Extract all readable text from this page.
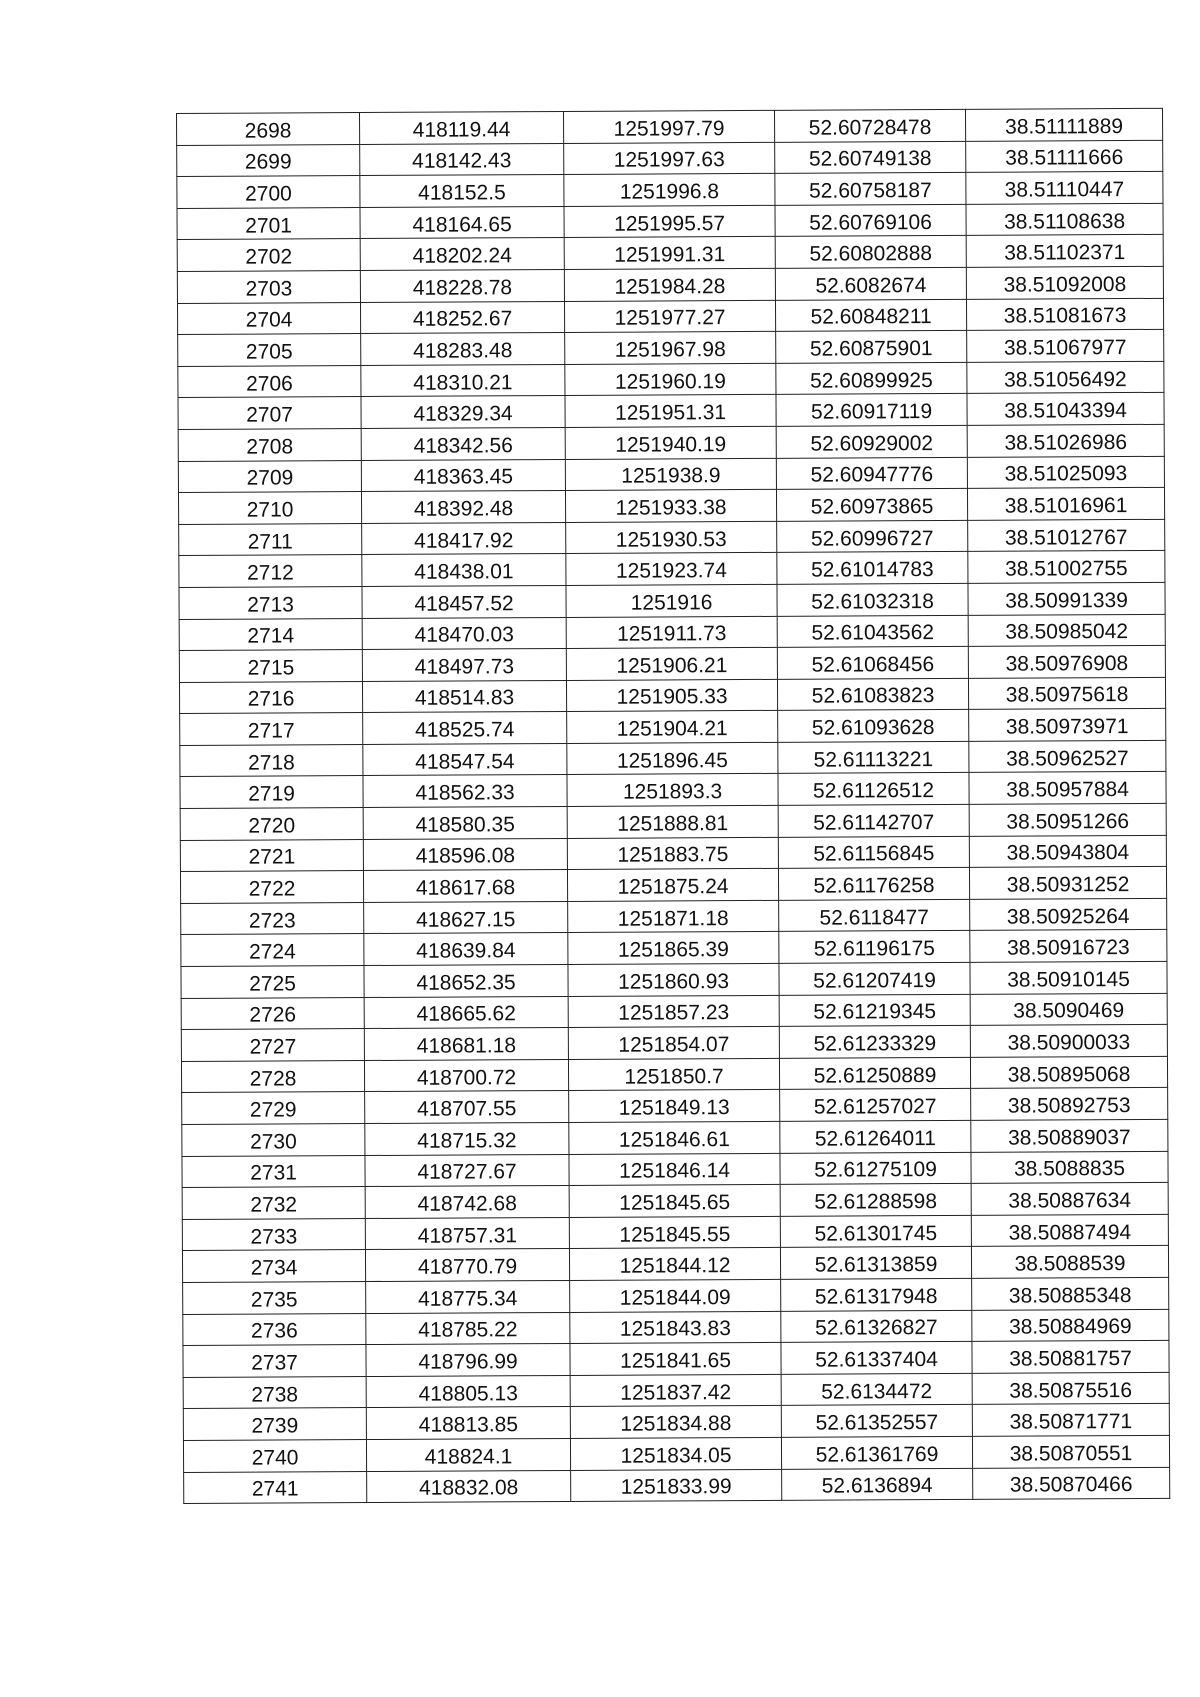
2698	418119.44	1251997.79	52.60728478	38.51111889
2699	418142.43	1251997.63	52.60749138	38.51111666
2700	418152.5	1251996.8	52.60758187	38.51110447
2701	418164.65	1251995.57	52.60769106	38.51108638
2702	418202.24	1251991.31	52.60802888	38.51102371
2703	418228.78	1251984.28	52.6082674	38.51092008
2704	418252.67	1251977.27	52.60848211	38.51081673
2705	418283.48	1251967.98	52.60875901	38.51067977
2706	418310.21	1251960.19	52.60899925	38.51056492
2707	418329.34	1251951.31	52.60917119	38.51043394
2708	418342.56	1251940.19	52.60929002	38.51026986
2709	418363.45	1251938.9	52.60947776	38.51025093
2710	418392.48	1251933.38	52.60973865	38.51016961
2711	418417.92	1251930.53	52.60996727	38.51012767
2712	418438.01	1251923.74	52.61014783	38.51002755
2713	418457.52	1251916	52.61032318	38.50991339
2714	418470.03	1251911.73	52.61043562	38.50985042
2715	418497.73	1251906.21	52.61068456	38.50976908
2716	418514.83	1251905.33	52.61083823	38.50975618
2717	418525.74	1251904.21	52.61093628	38.50973971
2718	418547.54	1251896.45	52.61113221	38.50962527
2719	418562.33	1251893.3	52.61126512	38.50957884
2720	418580.35	1251888.81	52.61142707	38.50951266
2721	418596.08	1251883.75	52.61156845	38.50943804
2722	418617.68	1251875.24	52.61176258	38.50931252
2723	418627.15	1251871.18	52.6118477	38.50925264
2724	418639.84	1251865.39	52.61196175	38.50916723
2725	418652.35	1251860.93	52.61207419	38.50910145
2726	418665.62	1251857.23	52.61219345	38.5090469
2727	418681.18	1251854.07	52.61233329	38.50900033
2728	418700.72	1251850.7	52.61250889	38.50895068
2729	418707.55	1251849.13	52.61257027	38.50892753
2730	418715.32	1251846.61	52.61264011	38.50889037
2731	418727.67	1251846.14	52.61275109	38.5088835
2732	418742.68	1251845.65	52.61288598	38.50887634
2733	418757.31	1251845.55	52.61301745	38.50887494
2734	418770.79	1251844.12	52.61313859	38.5088539
2735	418775.34	1251844.09	52.61317948	38.50885348
2736	418785.22	1251843.83	52.61326827	38.50884969
2737	418796.99	1251841.65	52.61337404	38.50881757
2738	418805.13	1251837.42	52.6134472	38.50875516
2739	418813.85	1251834.88	52.61352557	38.50871771
2740	418824.1	1251834.05	52.61361769	38.50870551
2741	418832.08	1251833.99	52.6136894	38.50870466
